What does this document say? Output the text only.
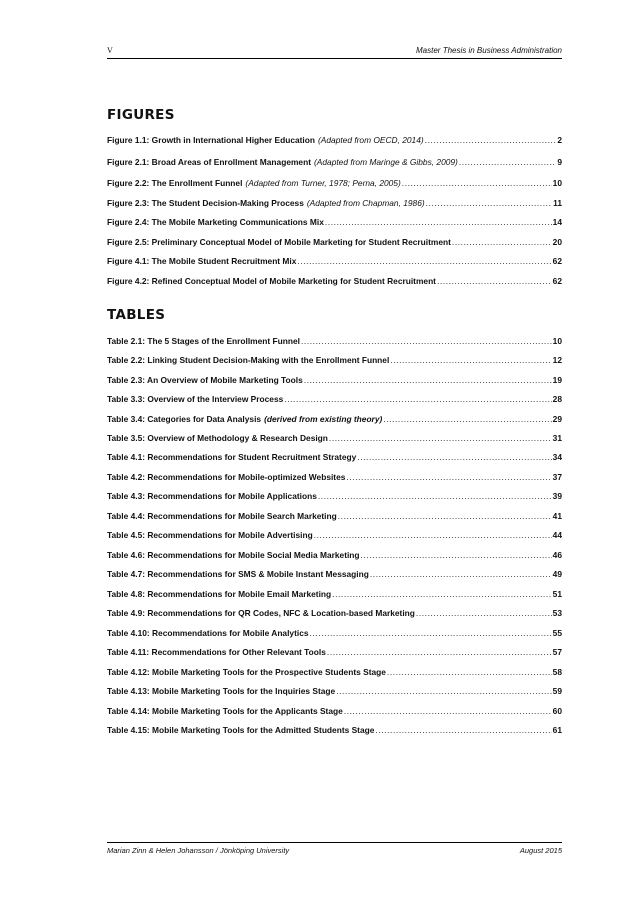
V	Master Thesis in Business Administration
FIGURES
Figure 1.1: Growth in International Higher Education (Adapted from OECD, 2014) .....	2
Figure 2.1: Broad Areas of Enrollment Management (Adapted from Maringe & Gibbs, 2009) .....	9
Figure 2.2: The Enrollment Funnel (Adapted from Turner, 1978; Perna, 2005) .....	10
Figure 2.3: The Student Decision-Making Process (Adapted from Chapman, 1986) .....	11
Figure 2.4: The Mobile Marketing Communications Mix .....	14
Figure 2.5: Preliminary Conceptual Model of Mobile Marketing for Student Recruitment .....	20
Figure 4.1: The Mobile Student Recruitment Mix .....	62
Figure 4.2: Refined Conceptual Model of Mobile Marketing for Student Recruitment .....	62
TABLES
Table 2.1: The 5 Stages of the Enrollment Funnel .....	10
Table 2.2: Linking Student Decision-Making with the Enrollment Funnel .....	12
Table 2.3: An Overview of Mobile Marketing Tools .....	19
Table 3.3: Overview of the Interview Process .....	28
Table 3.4: Categories for Data Analysis (derived from existing theory) .....	29
Table 3.5: Overview of Methodology & Research Design .....	31
Table 4.1: Recommendations for Student Recruitment Strategy .....	34
Table 4.2: Recommendations for Mobile-optimized Websites .....	37
Table 4.3: Recommendations for Mobile Applications .....	39
Table 4.4: Recommendations for Mobile Search Marketing .....	41
Table 4.5: Recommendations for Mobile Advertising .....	44
Table 4.6: Recommendations for Mobile Social Media Marketing .....	46
Table 4.7: Recommendations for SMS & Mobile Instant Messaging .....	49
Table 4.8: Recommendations for Mobile Email Marketing .....	51
Table 4.9: Recommendations for QR Codes, NFC & Location-based Marketing .....	53
Table 4.10: Recommendations for Mobile Analytics .....	55
Table 4.11: Recommendations for Other Relevant Tools .....	57
Table 4.12: Mobile Marketing Tools for the Prospective Students Stage .....	58
Table 4.13: Mobile Marketing Tools for the Inquiries Stage .....	59
Table 4.14: Mobile Marketing Tools for the Applicants Stage .....	60
Table 4.15: Mobile Marketing Tools for the Admitted Students Stage .....	61
Marian Zinn & Helen Johansson / Jönköping University	August 2015
